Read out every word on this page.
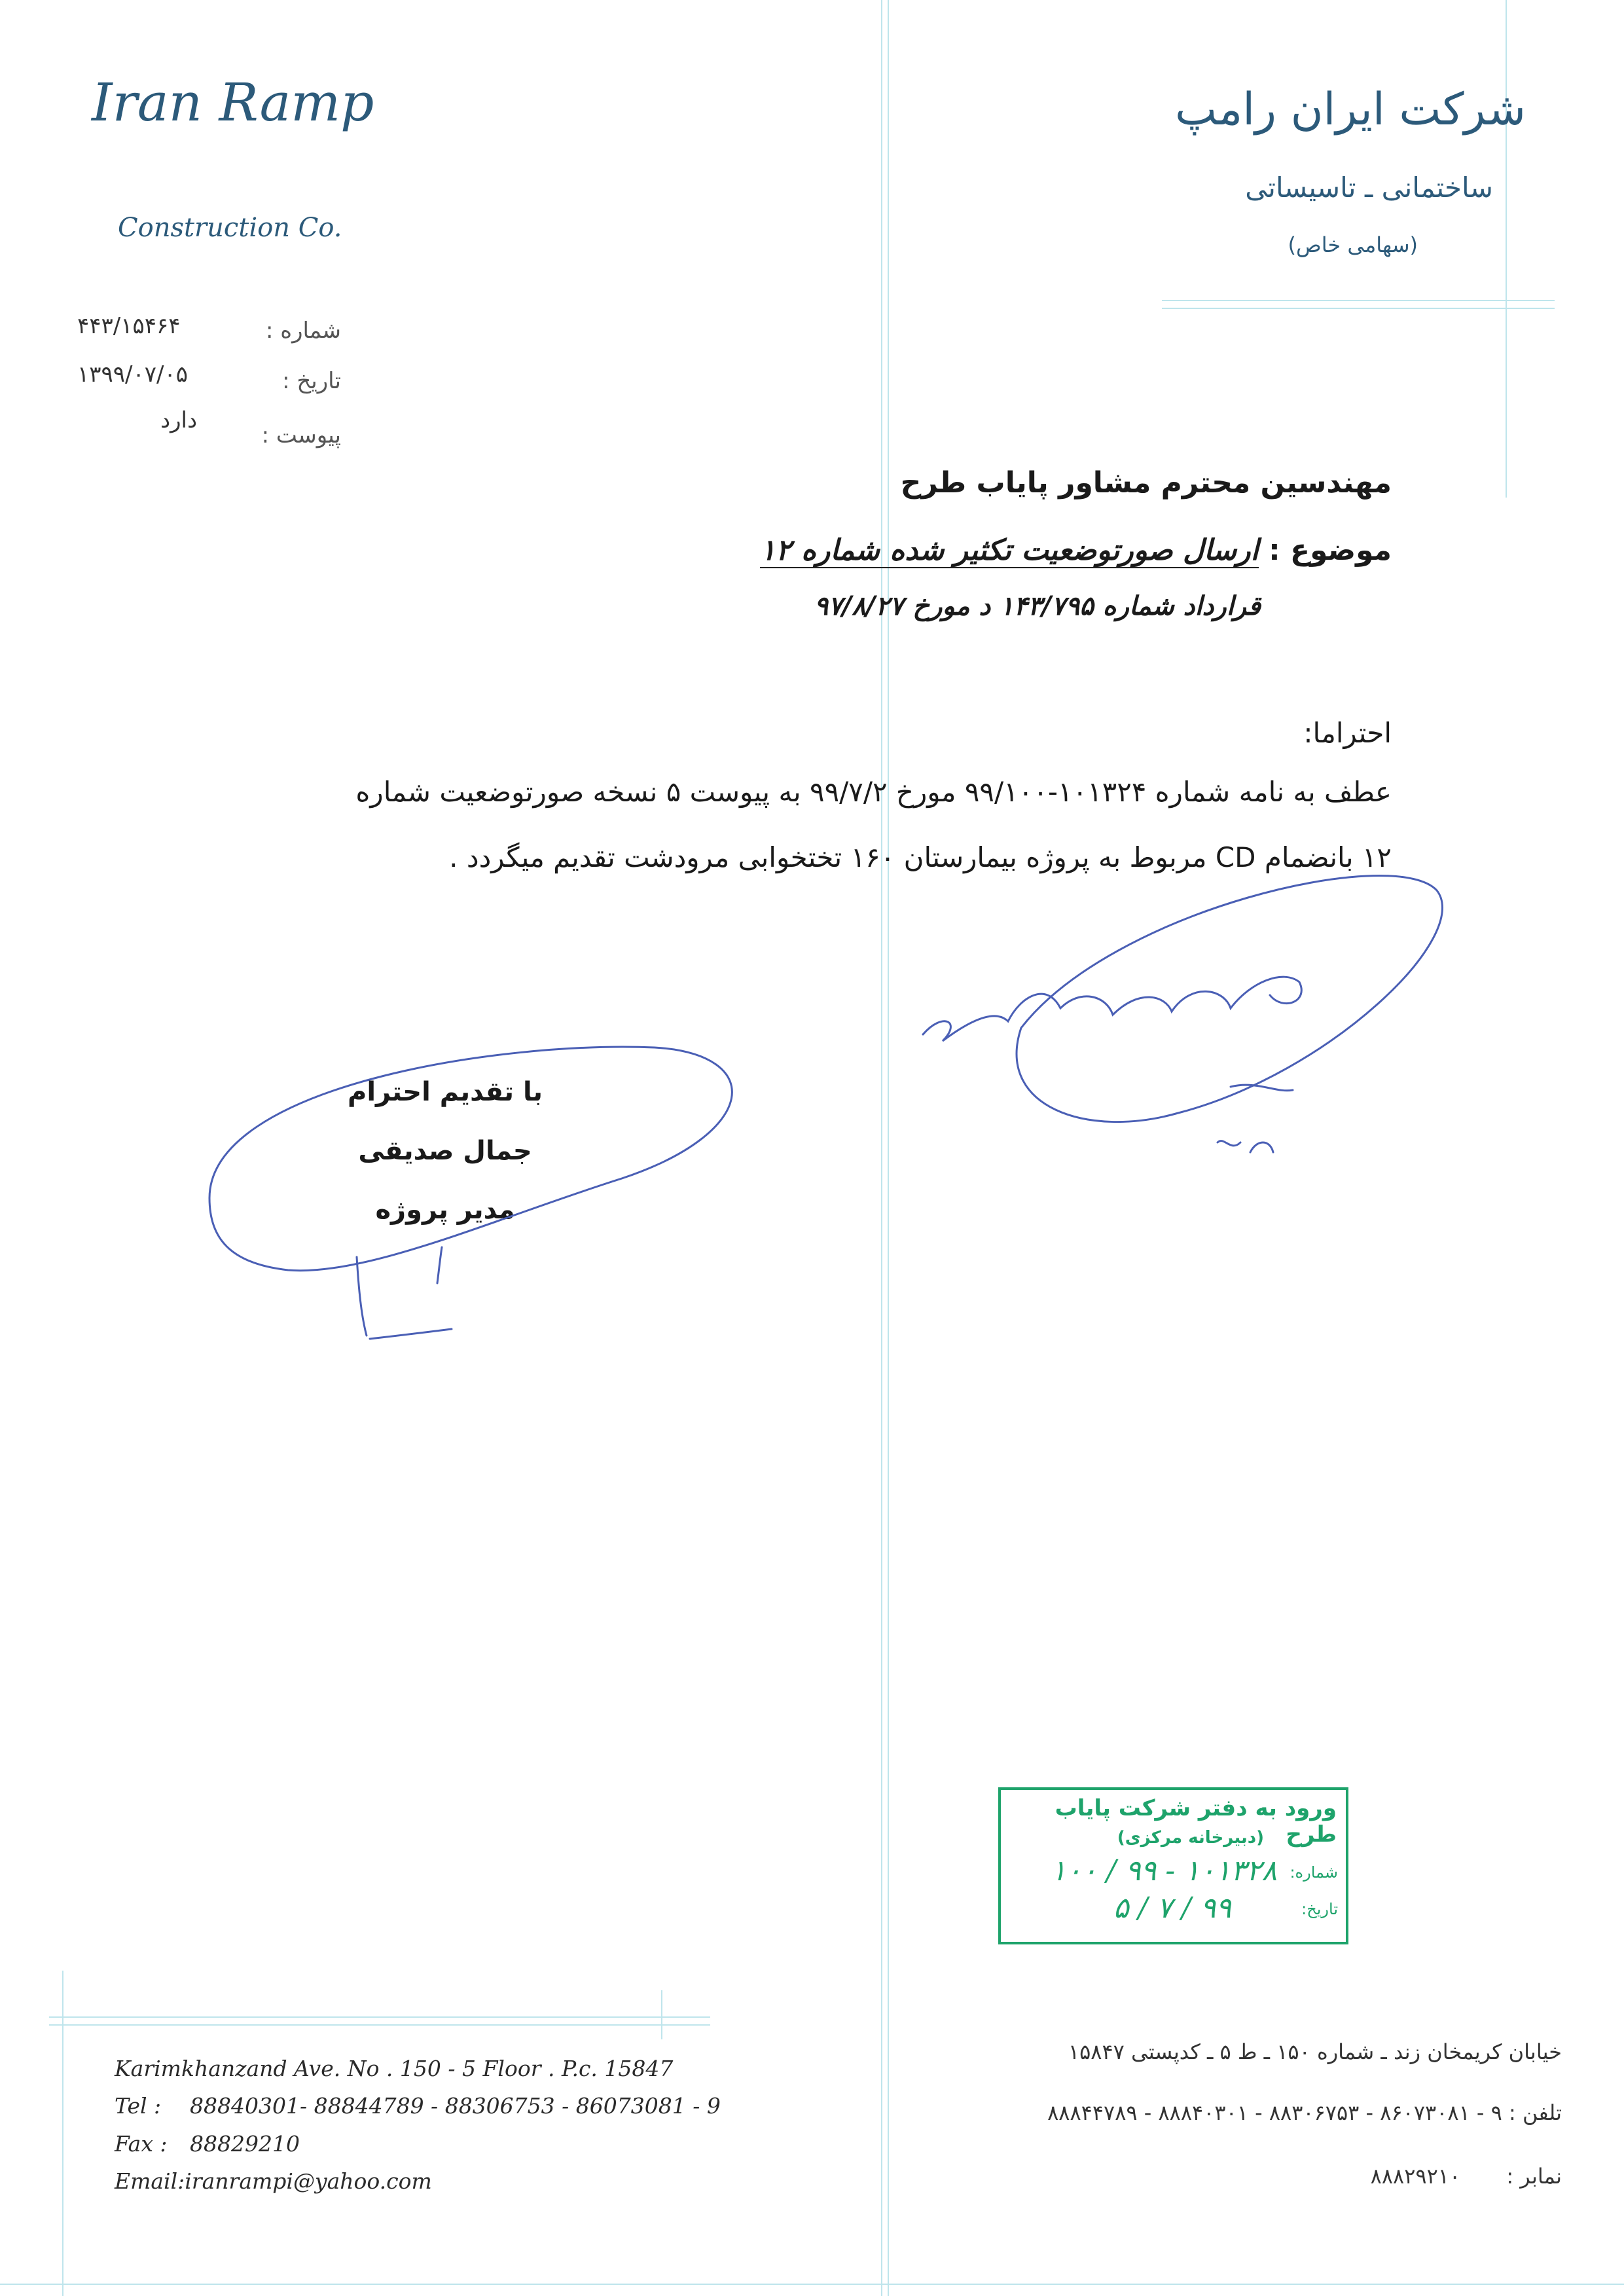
Iran Ramp
Construction Co.
شرکت ایران رامپ
ساختمانی ـ تاسیساتی
(سهامی خاص)
شماره :
۴۴۳/۱۵۴۶۴
تاریخ :
۱۳۹۹/۰۷/۰۵
پیوست :
دارد
مهندسین محترم مشاور پایاب طرح
موضوع : ارسال صورتوضعیت تکثیر شده شماره ۱۲
قرارداد شماره ۱۴۳/۷۹۵ د مورخ ۹۷/۸/۲۷
احتراما:
عطف به نامه شماره ۱۰۱۳۲۴-۹۹/۱۰۰ مورخ ۹۹/۷/۲ به پیوست ۵ نسخه صورتوضعیت شماره
۱۲ بانضمام CD مربوط به پروژه بیمارستان ۱۶۰ تختخوابی مرودشت تقدیم میگردد .
با تقدیم احترام
جمال صدیقی
مدیر پروژه
ورود به دفتر شرکت پایاب طرح
(دبیرخانه مرکزی)
شماره:
۱۰۱۳۲۸ - ۹۹ / ۱۰۰
تاریخ:
۹۹ / ۷ / ۵
Karimkhanzand Ave. No . 150 - 5 Floor . P.c. 15847
Tel : 88840301- 88844789 - 88306753 - 86073081 - 9
Fax : 88829210
Email:iranrampi@yahoo.com
خیابان کریمخان زند ـ شماره ۱۵۰ ـ ط ۵ ـ کدپستی ۱۵۸۴۷
تلفن : ۹ - ۸۶۰۷۳۰۸۱ - ۸۸۳۰۶۷۵۳ - ۸۸۸۴۰۳۰۱ - ۸۸۸۴۴۷۸۹
نمابر : ۸۸۸۲۹۲۱۰
